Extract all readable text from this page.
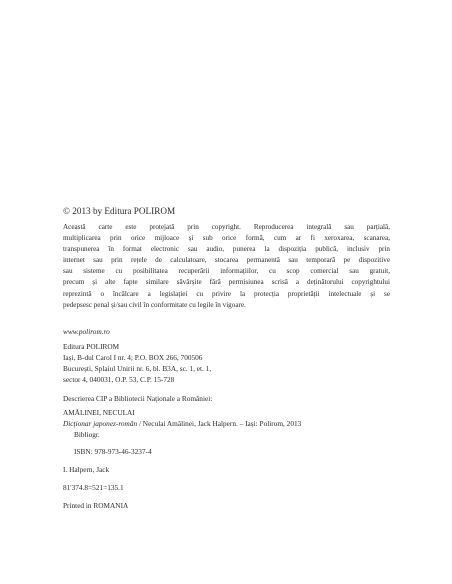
© 2013 by Editura POLIROM
Această carte este protejată prin copyright. Reproducerea integrală sau parțială,
multiplicarea prin orice mijloace și sub orice formă, cum ar fi xeroxarea, scanarea,
transpunerea în format electronic sau audio, punerea la dispoziția publică, inclusiv prin
internet sau prin rețele de calculatoare, stocarea permanentă sau temporară pe dispozitive
sau sisteme cu posibilitatea recuperării informațiilor, cu scop comercial sau gratuit,
precum și alte fapte similare săvârșite fără permisiunea scrisă a deținătorului copyrightului
reprezintă o încălcare a legislației cu privire la protecția proprietății intelectuale și se
pedepsesc penal și/sau civil în conformitate cu legile în vigoare.
www.polirom.ro
Editura POLIROM
Iași, B-dul Carol I nr. 4; P.O. BOX 266, 700506
București, Splaiul Unirii nr. 6, bl. B3A, sc. 1, et. 1,
sector 4, 040031, O.P. 53, C.P. 15-728
Descrierea CIP a Bibliotecii Naționale a României:
AMĂLINEI, NECULAI
Dicționar japonez-român / Neculai Amălinei, Jack Halpern. – Iași: Polirom, 2013
Bibliogr.
ISBN: 978-973-46-3237-4
I. Halpern, Jack
81'374.8=521=135.1
Printed in ROMANIA
